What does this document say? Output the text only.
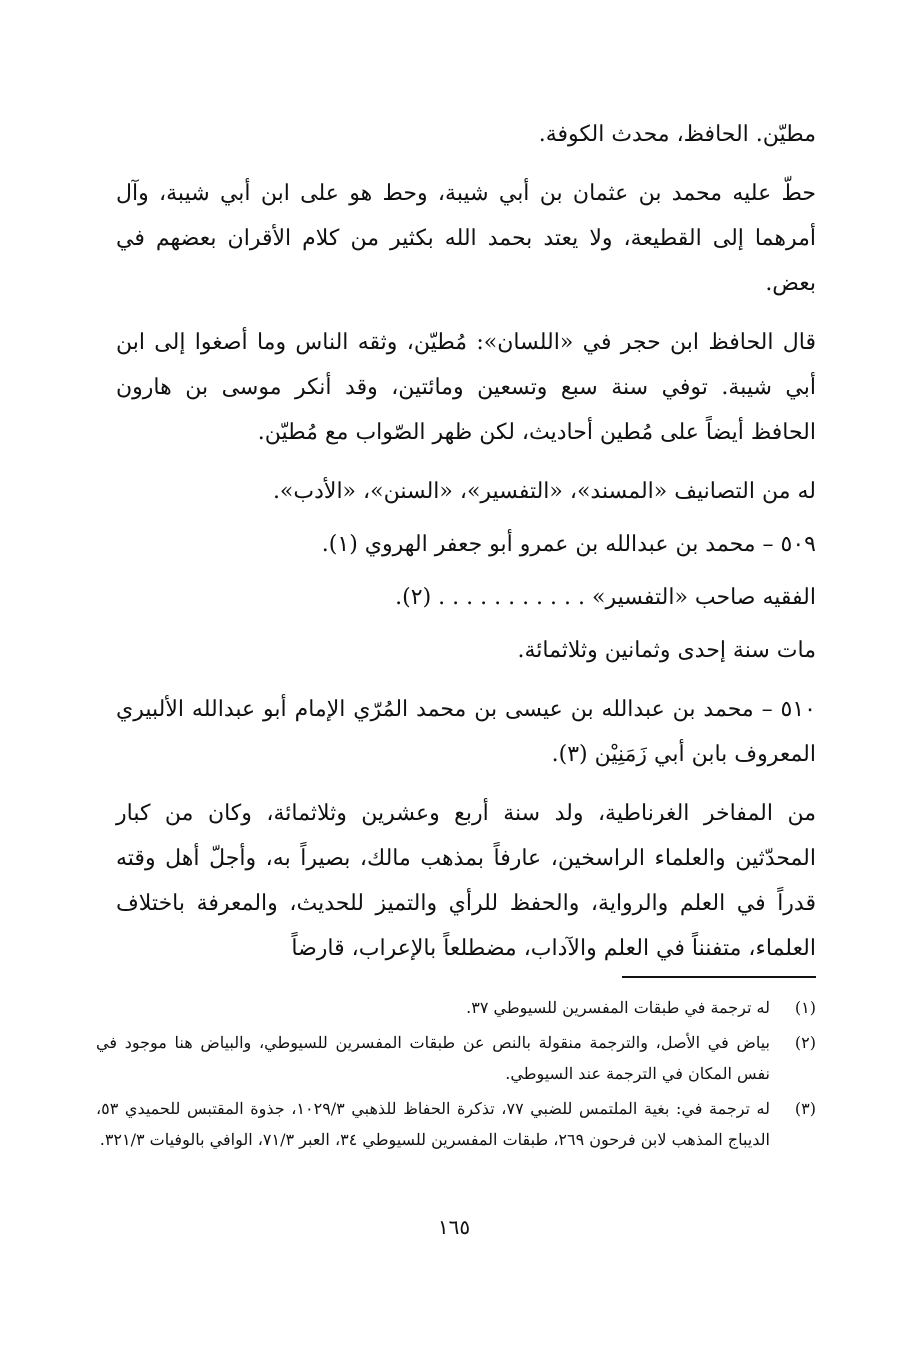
مطيّن. الحافظ، محدث الكوفة.

حطّ عليه محمد بن عثمان بن أبي شيبة، وحط هو على ابن أبي شيبة، وآل أمرهما إلى القطيعة، ولا يعتد بحمد الله بكثير من كلام الأقران بعضهم في بعض.

قال الحافظ ابن حجر في «اللسان»: مُطيّن، وثقه الناس وما أصغوا إلى ابن أبي شيبة. توفي سنة سبع وتسعين ومائتين، وقد أنكر موسى بن هارون الحافظ أيضاً على مُطين أحاديث، لكن ظهر الصّواب مع مُطيّن.

له من التصانيف «المسند»، «التفسير»، «السنن»، «الأدب».

٥٠٩ – محمد بن عبدالله بن عمرو أبو جعفر الهروي (١).

الفقيه صاحب «التفسير» . . . . . . . . . . . (٢).

مات سنة إحدى وثمانين وثلاثمائة.

٥١٠ – محمد بن عبدالله بن عيسى بن محمد المُرّي الإمام أبو عبدالله الألبيري المعروف بابن أبي زَمَنِيْن (٣).

من المفاخر الغرناطية، ولد سنة أربع وعشرين وثلاثمائة، وكان من كبار المحدّثين والعلماء الراسخين، عارفاً بمذهب مالك، بصيراً به، وأجلّ أهل وقته قدراً في العلم والرواية، والحفظ للرأي والتميز للحديث، والمعرفة باختلاف العلماء، متفنناً في العلم والآداب، مضطلعاً بالإعراب، قارضاً

(١)
له ترجمة في طبقات المفسرين للسيوطي ٣٧.
(٢)
بياض في الأصل، والترجمة منقولة بالنص عن طبقات المفسرين للسيوطي، والبياض هنا موجود في نفس المكان في الترجمة عند السيوطي.
(٣)
له ترجمة في: بغية الملتمس للضبي ٧٧، تذكرة الحفاظ للذهبي ١٠٢٩/٣، جذوة المقتبس للحميدي ٥٣، الديباج المذهب لابن فرحون ٢٦٩، طبقات المفسرين للسيوطي ٣٤، العبر ٧١/٣، الوافي بالوفيات ٣٢١/٣.
١٦٥
